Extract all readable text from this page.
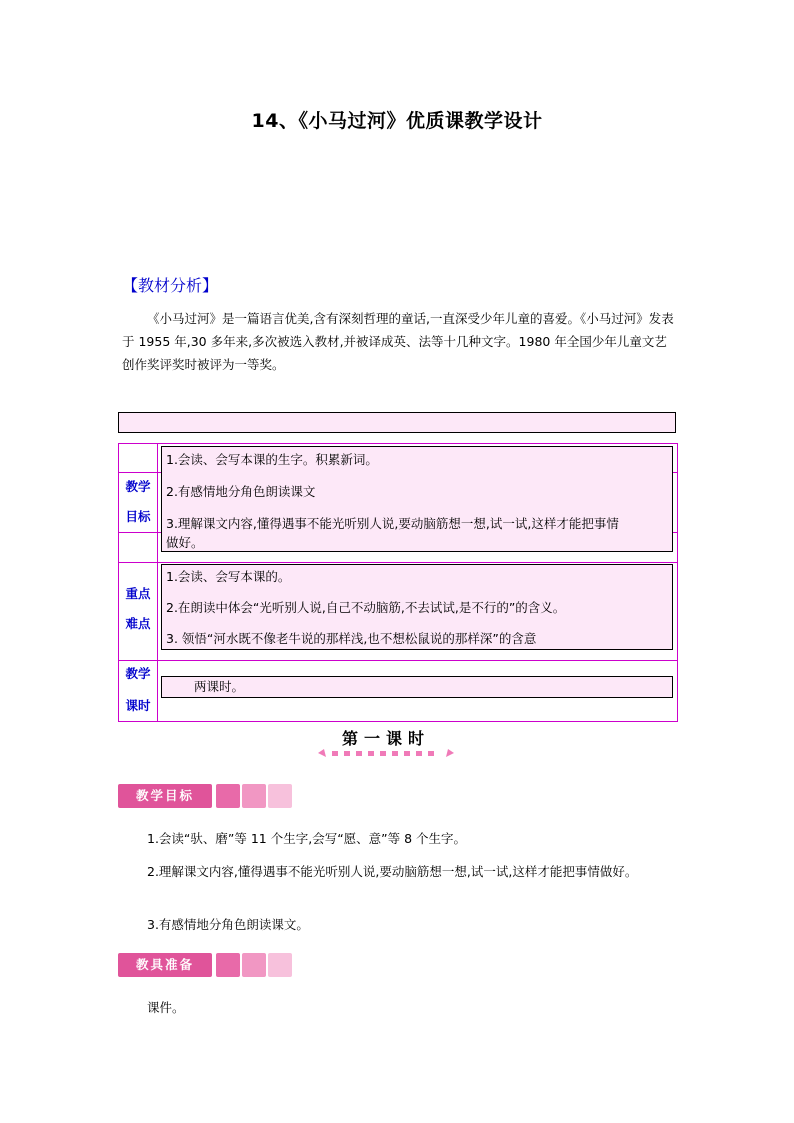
14、《小马过河》优质课教学设计
【教材分析】

《小马过河》是一篇语言优美,含有深刻哲理的童话,一直深受少年儿童的喜爱。《小马过河》发表于 1955 年,30 多年来,多次被选入教材,并被译成英、法等十几种文字。1980 年全国少年儿童文艺创作奖评奖时被评为一等奖。

教学
目标
1.会读、会写本课的生字。积累新词。
2.有感情地分角色朗读课文
3.理解课文内容,懂得遇事不能光听别人说,要动脑筋想一想,试一试,这样才能把事情
做好。
重点
难点
1.会读、会写本课的。
2.在朗读中体会“光听别人说,自己不动脑筋,不去试试,是不行的”的含义。
3. 领悟“河水既不像老牛说的那样浅,也不想松鼠说的那样深”的含意
教学
课时
两课时。
第一课时
教学目标

1.会读“驮、磨”等 11 个生字,会写“愿、意”等 8 个生字。

2.理解课文内容,懂得遇事不能光听别人说,要动脑筋想一想,试一试,这样才能把事情做好。

3.有感情地分角色朗读课文。

教具准备

课件。
